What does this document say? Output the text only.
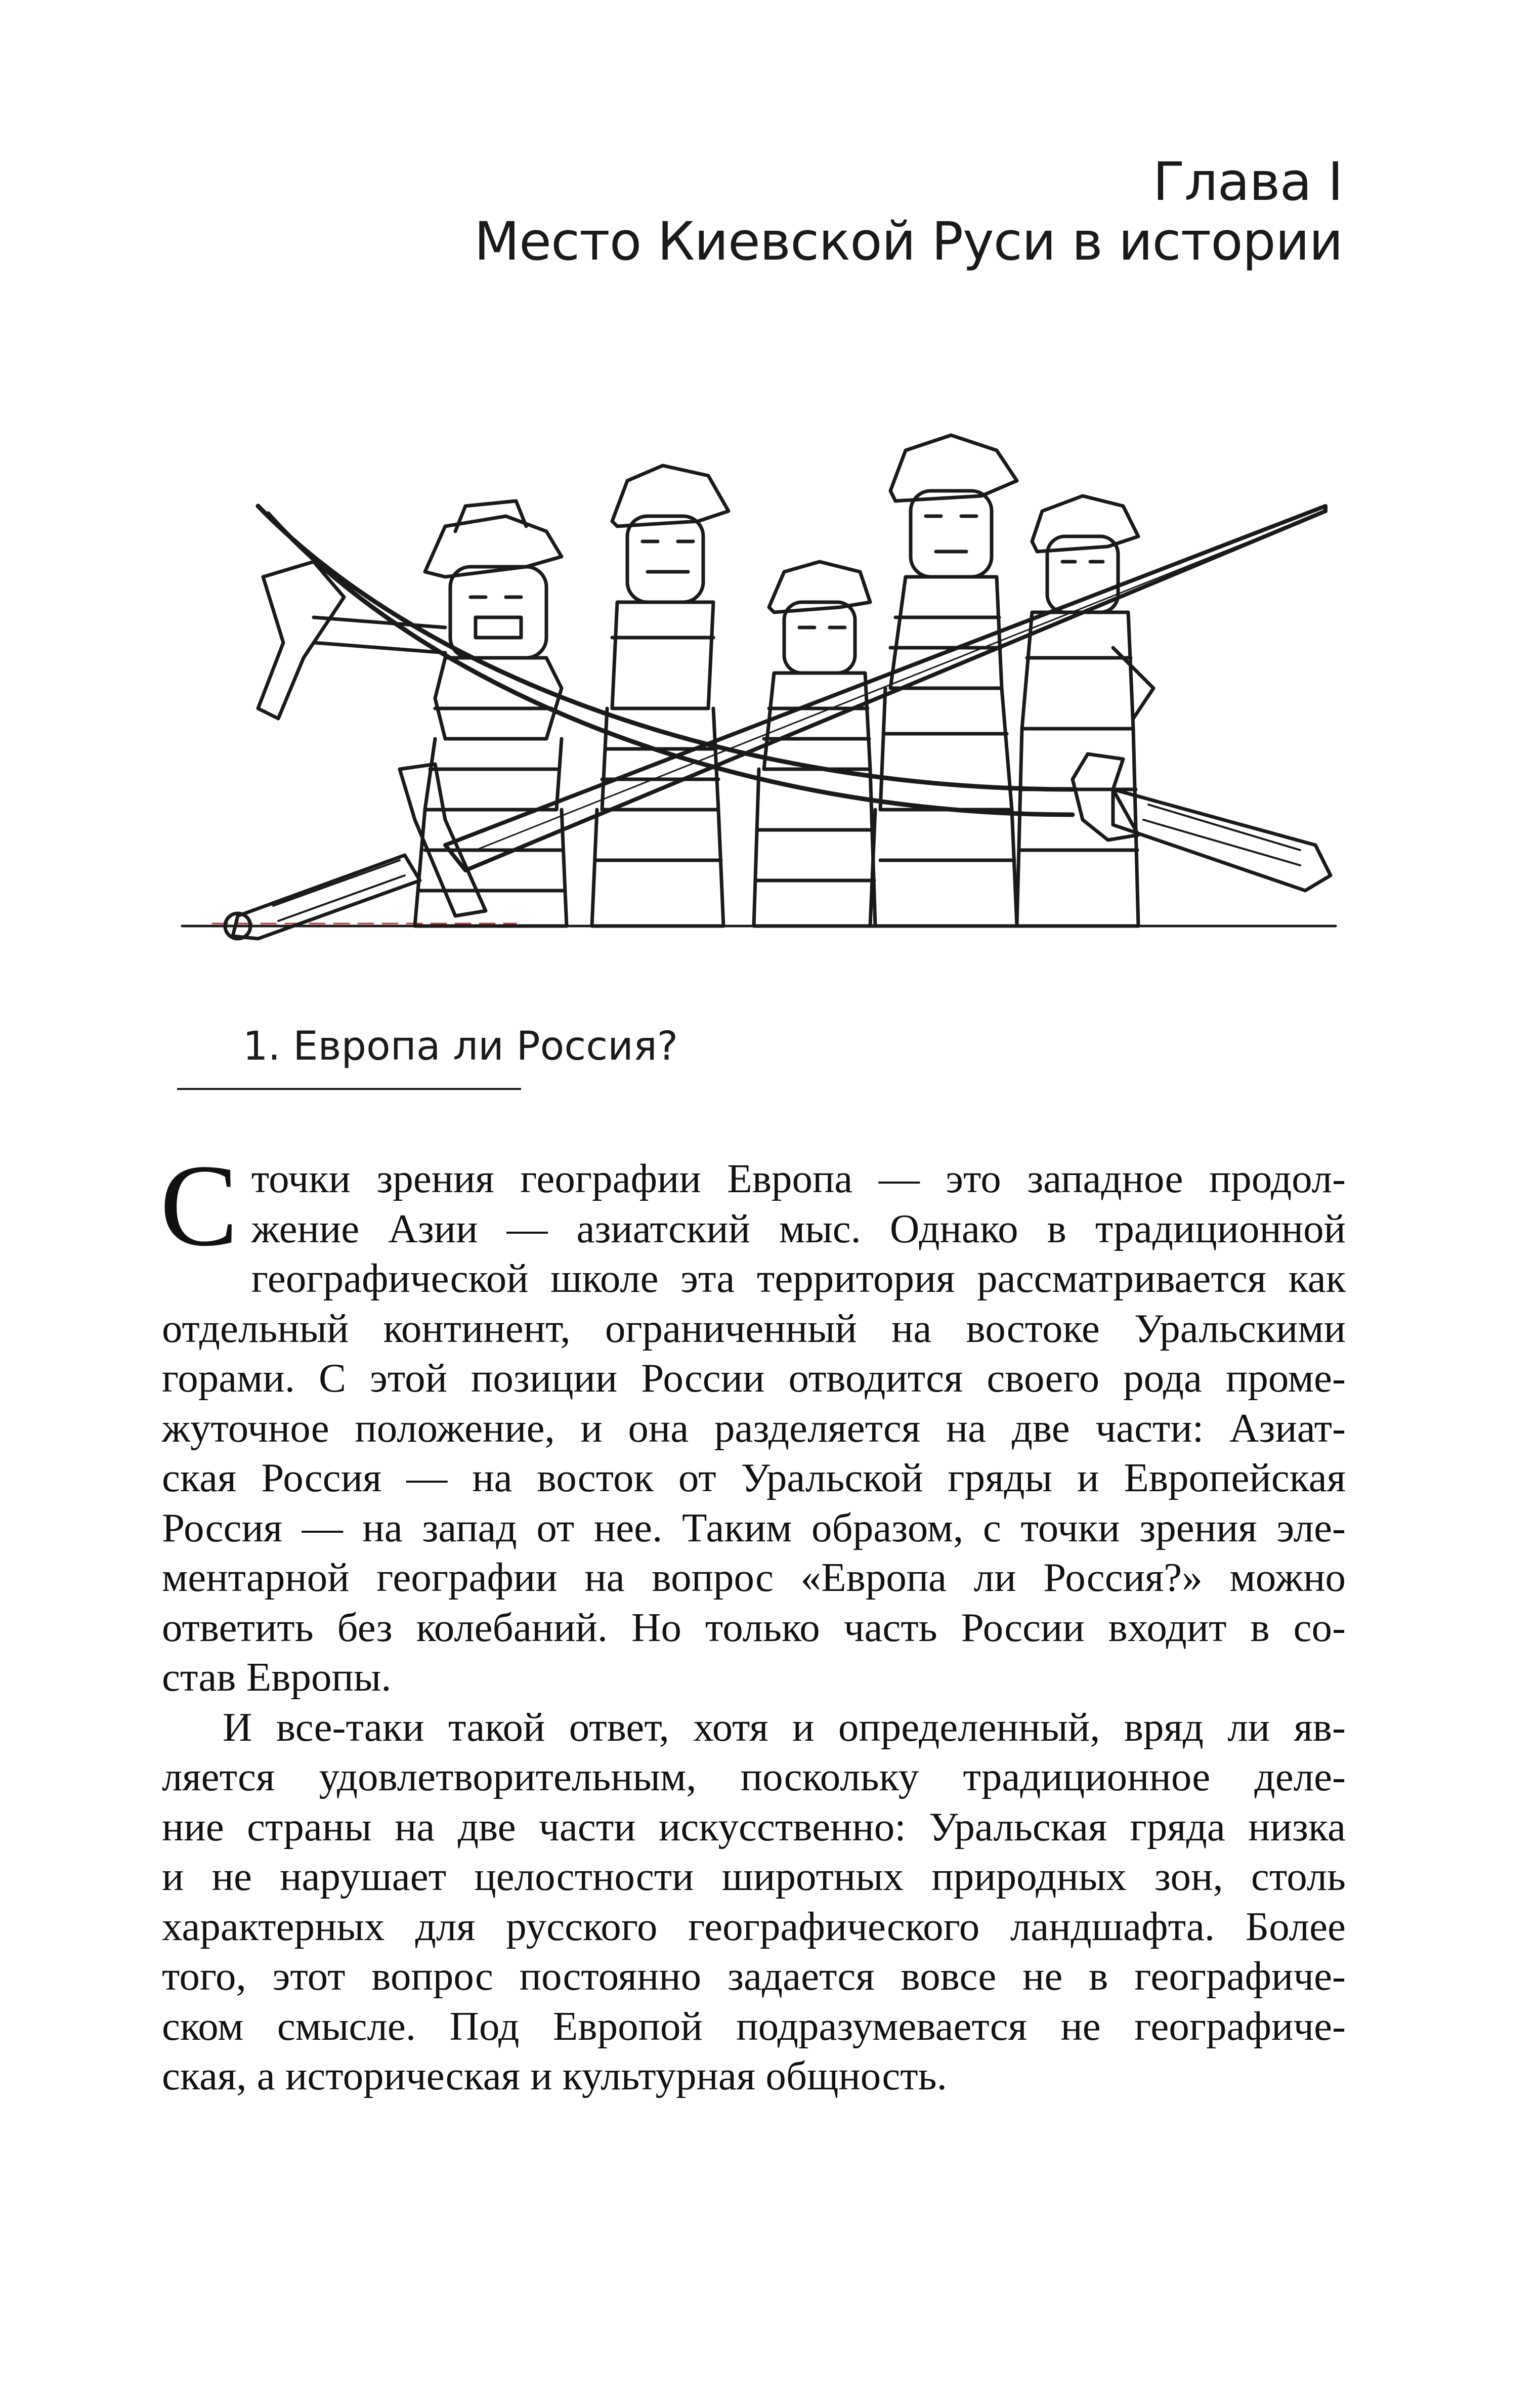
Глава I
Место Киевской Руси в истории
1. Европа ли Россия?
С точки зрения географии Европа — это западное продол-
жение Азии — азиатский мыс. Однако в традиционной
географической школе эта территория рассматривается как
отдельный континент, ограниченный на востоке Уральскими
горами. С этой позиции России отводится своего рода проме-
жуточное положение, и она разделяется на две части: Азиат-
ская Россия — на восток от Уральской гряды и Европейская
Россия — на запад от нее. Таким образом, с точки зрения эле-
ментарной географии на вопрос «Европа ли Россия?» можно
ответить без колебаний. Но только часть России входит в со-
став Европы.
И все-таки такой ответ, хотя и определенный, вряд ли яв-
ляется удовлетворительным, поскольку традиционное деле-
ние страны на две части искусственно: Уральская гряда низка
и не нарушает целостности широтных природных зон, столь
характерных для русского географического ландшафта. Более
того, этот вопрос постоянно задается вовсе не в географиче-
ском смысле. Под Европой подразумевается не географиче-
ская, а историческая и культурная общность.
